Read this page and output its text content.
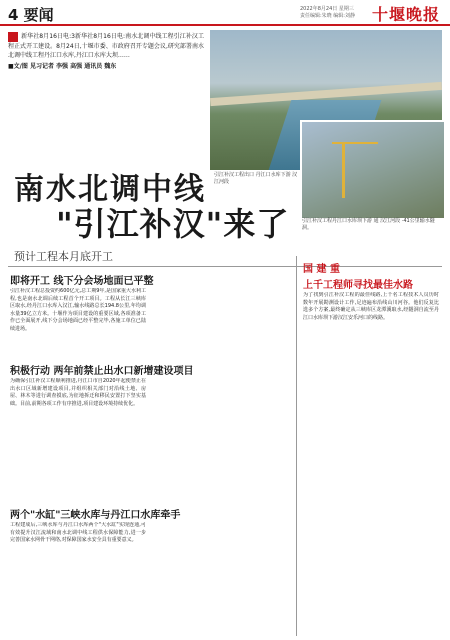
4 要闻	2022年8月24日 星期三
责任编辑:朱晓 编辑:刘静	十堰晚报

新华社8月16日电:3新华社8月16日电:南水北调中线工程引江补汉工程正式开工建设。8月24日,十堰市委、市政府召开专题会议,研究部署南水北调中线工程丹江口水库,丹江口水库大坝……

■文/图 见习记者 李强 高强 通讯员 魏东

引江补汉工程出口 丹江口水库下游 汉江河段
引江补汉工程丹江口水库坝下游 通 汉江河段 ·41公里输水隧洞。
南水北调中线
"引江补汉"来了
预计工程本月底开工
即将开工 线下分会场地面已平整
引江补汉工程总投资约600亿元,总工期9年,是国家重大水利工程,也是南水北调后续工程首个开工项目。工程从长江三峡库区取水,经丹江口水库入汉江,输水线路总长194.8公里,年均调水量39亿立方米。十堰作为项目建设的重要区域,各项准备工作已全面展开,线下分会场地面已经平整完毕,各施工单位已陆续进场。
积极行动 两年前禁止出水口新增建设项目
为确保引江补汉工程顺利推进,丹江口市自2020年起便禁止在出水口区域新增建设项目,并组织相关部门对沿线土地、房屋、林木等进行调查摸底,为征地拆迁和移民安置打下坚实基础。目前,前期各项工作有序推进,项目建设环境持续优化。
两个"水缸"三峡水库与丹江口水库牵手
工程建成后,三峡水库与丹江口水库两个"大水缸"实现连通,可有效提升汉江流域和南水北调中线工程供水保障能力,进一步完善国家水网骨干网络,对保障国家水安全具有重要意义。
国 建 重
上千工程师寻找最佳水路
为了找到引江补汉工程的最佳线路,上千名工程技术人员历时数年开展勘测设计工作,足迹遍布沿线山川河谷。他们反复比选多个方案,最终确定从三峡库区龙潭溪取水,经隧洞自流至丹江口水库坝下游汉江安乐河口的线路。
